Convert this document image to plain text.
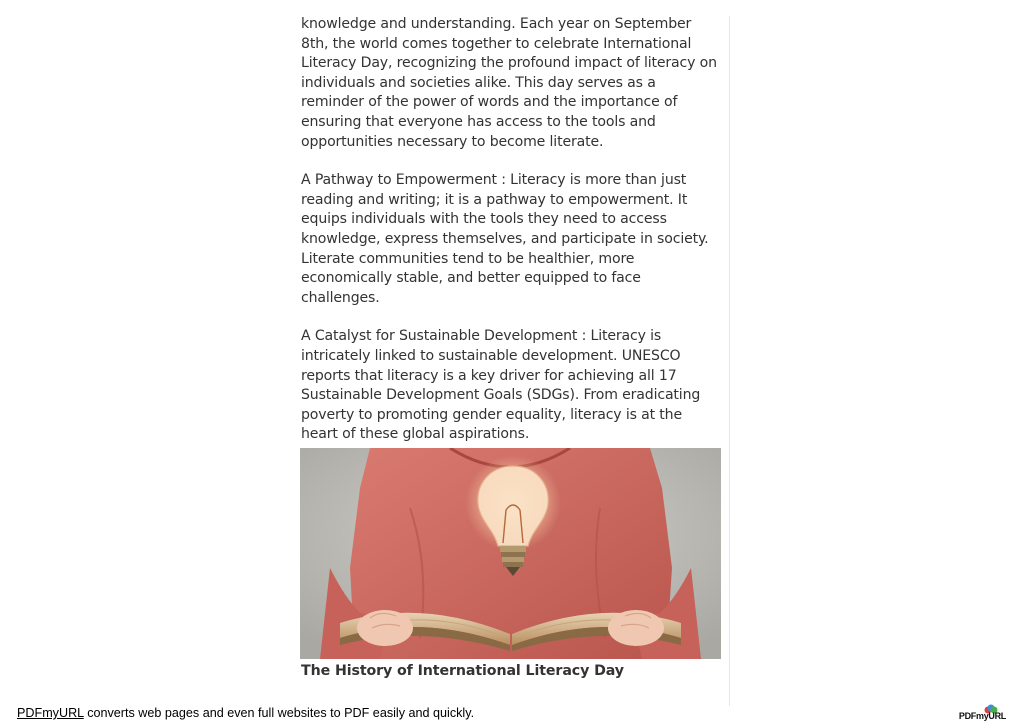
knowledge and understanding. Each year on September 8th, the world comes together to celebrate International Literacy Day, recognizing the profound impact of literacy on individuals and societies alike. This day serves as a reminder of the power of words and the importance of ensuring that everyone has access to the tools and opportunities necessary to become literate.

A Pathway to Empowerment : Literacy is more than just reading and writing; it is a pathway to empowerment. It equips individuals with the tools they need to access knowledge, express themselves, and participate in society. Literate communities tend to be healthier, more economically stable, and better equipped to face challenges.

A Catalyst for Sustainable Development : Literacy is intricately linked to sustainable development. UNESCO reports that literacy is a key driver for achieving all 17 Sustainable Development Goals (SDGs). From eradicating poverty to promoting gender equality, literacy is at the heart of these global aspirations.

The History of International Literacy Day
PDFmyURL converts web pages and even full websites to PDF easily and quickly.	PDFmyURL
